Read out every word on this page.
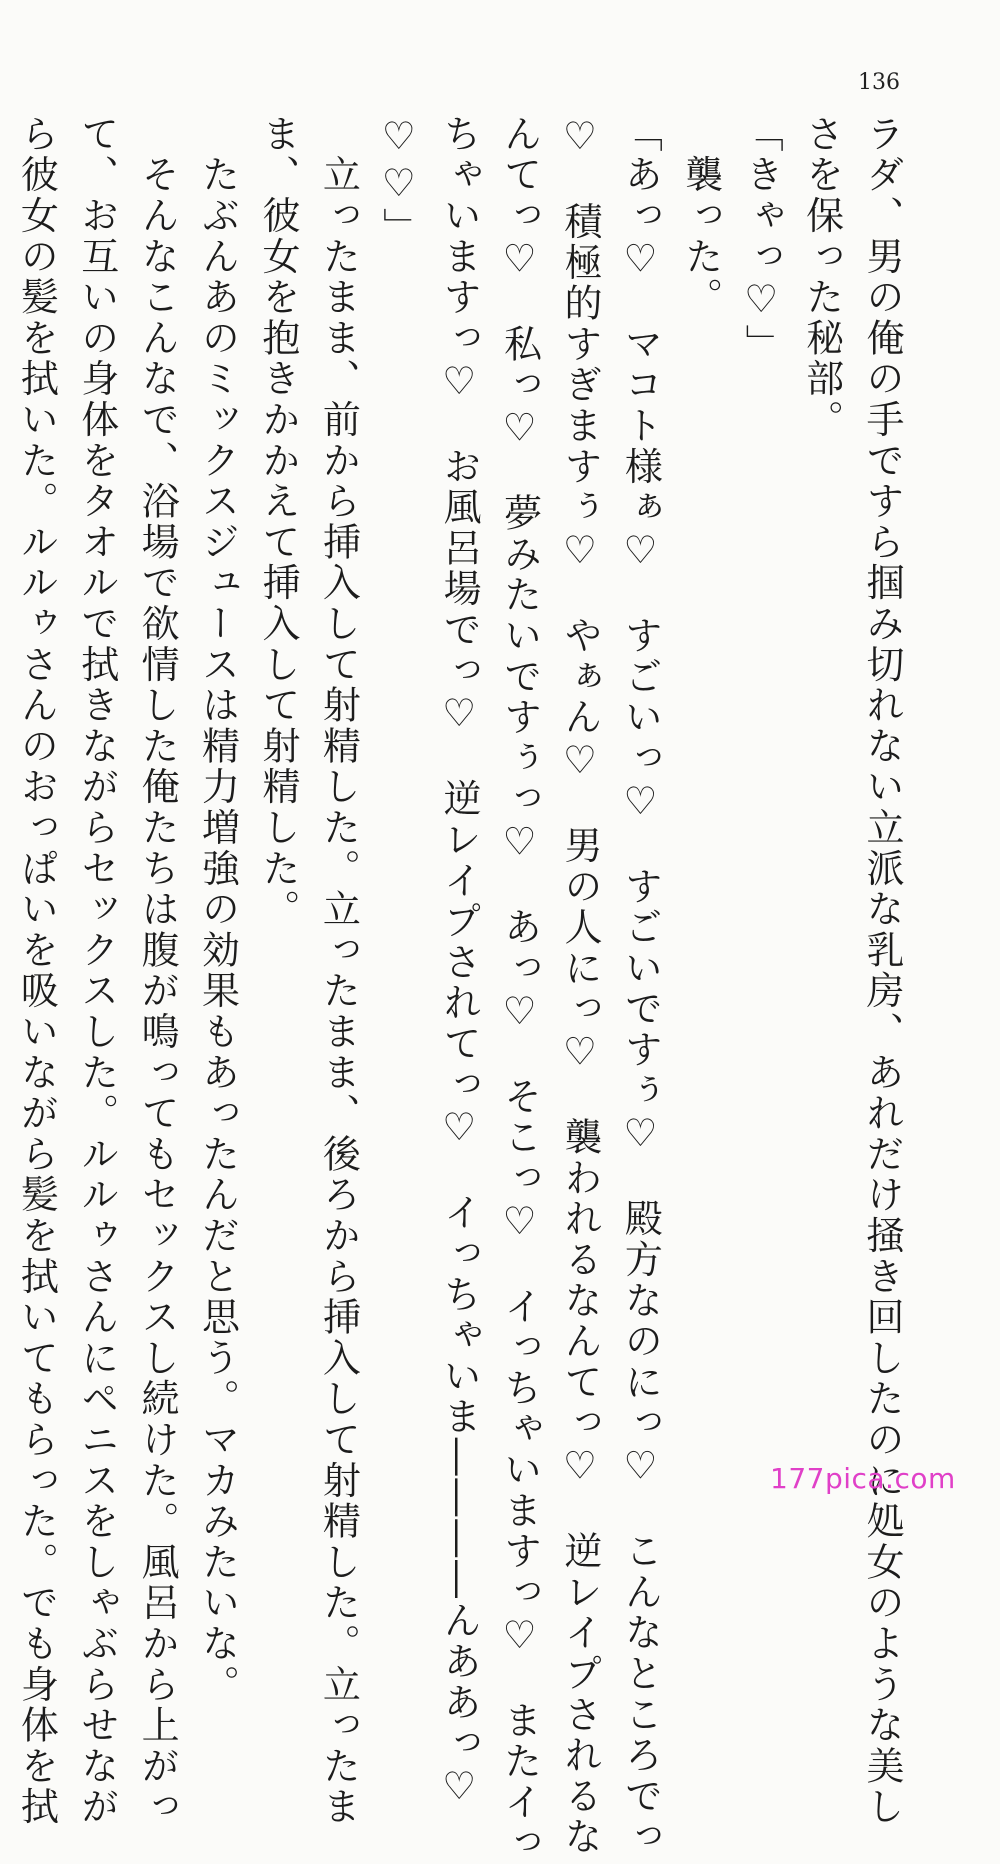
136
ラダ、男の俺の手ですら掴み切れない立派な乳房、あれだけ掻き回したのに処女のような美し
さを保った秘部。
「きゃっ♡」
　襲った。
「あっ♡　マコト様ぁ♡　すごいっ♡　すごいですぅ♡　殿方なのにっ♡　こんなところでっ
♡　積極的すぎますぅ♡　やぁん♡　男の人にっ♡　襲われるなんてっ♡　逆レイプされるな
んてっ♡　私っ♡　夢みたいですぅっ♡　あっ♡　そこっ♡　イっちゃいますっ♡　またイっ
ちゃいますっ♡　お風呂場でっ♡　逆レイプされてっ♡　イっちゃいま――――んああっ♡
♡♡」
　立ったまま、前から挿入して射精した。立ったまま、後ろから挿入して射精した。立ったま
ま、彼女を抱きかかえて挿入して射精した。
　たぶんあのミックスジュースは精力増強の効果もあったんだと思う。マカみたいな。
　そんなこんなで、浴場で欲情した俺たちは腹が鳴ってもセックスし続けた。風呂から上がっ
て、お互いの身体をタオルで拭きながらセックスした。ルルゥさんにペニスをしゃぶらせなが
ら彼女の髪を拭いた。ルルゥさんのおっぱいを吸いながら髪を拭いてもらった。でも身体を拭	177pica.com
